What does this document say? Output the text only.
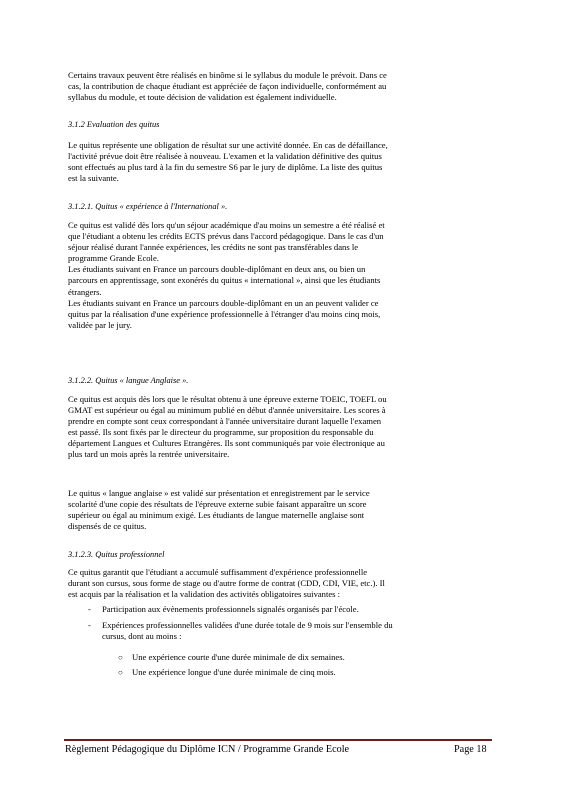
Certains travaux peuvent être réalisés en binôme si le syllabus du module le prévoit. Dans ce
cas, la contribution de chaque étudiant est appréciée de façon individuelle, conformément au
syllabus du module, et toute décision de validation est également individuelle.

3.1.2 Evaluation des quitus

Le quitus représente une obligation de résultat sur une activité donnée. En cas de défaillance,
l'activité prévue doit être réalisée à nouveau. L'examen et la validation définitive des quitus
sont effectués au plus tard à la fin du semestre S6 par le jury de diplôme. La liste des quitus
est la suivante.

3.1.2.1. Quitus « expérience à l'International ».

Ce quitus est validé dès lors qu'un séjour académique d'au moins un semestre a été réalisé et
que l'étudiant a obtenu les crédits ECTS prévus dans l'accord pédagogique. Dans le cas d'un
séjour réalisé durant l'année expériences, les crédits ne sont pas transférables dans le
programme Grande Ecole.
Les étudiants suivant en France un parcours double-diplômant en deux ans, ou bien un
parcours en apprentissage, sont exonérés du quitus « international », ainsi que les étudiants
étrangers.
Les étudiants suivant en France un parcours double-diplômant en un an peuvent valider ce
quitus par la réalisation d'une expérience professionnelle à l'étranger d'au moins cinq mois,
validée par le jury.

3.1.2.2. Quitus « langue Anglaise ».

Ce quitus est acquis dès lors que le résultat obtenu à une épreuve externe TOEIC, TOEFL ou
GMAT est supérieur ou égal au minimum publié en début d'année universitaire. Les scores à
prendre en compte sont ceux correspondant à l'année universitaire durant laquelle l'examen
est passé. Ils sont fixés par le directeur du programme, sur proposition du responsable du
département Langues et Cultures Etrangères. Ils sont communiqués par voie électronique au
plus tard un mois après la rentrée universitaire.

Le quitus « langue anglaise » est validé sur présentation et enregistrement par le service
scolarité d'une copie des résultats de l'épreuve externe subie faisant apparaître un score
supérieur ou égal au minimum exigé. Les étudiants de langue maternelle anglaise sont
dispensés de ce quitus.

3.1.2.3. Quitus professionnel

Ce quitus garantit que l'étudiant a accumulé suffisamment d'expérience professionnelle
durant son cursus, sous forme de stage ou d'autre forme de contrat (CDD, CDI, VIE, etc.). Il
est acquis par la réalisation et la validation des activités obligatoires suivantes :

- Participation aux évènements professionnels signalés organisés par l'école.
- Expériences professionnelles validées d'une durée totale de 9 mois sur l'ensemble du
cursus, dont au moins :
○ Une expérience courte d'une durée minimale de dix semaines.
○ Une expérience longue d'une durée minimale de cinq mois.
Règlement Pédagogique du Diplôme ICN / Programme Grande Ecole	Page 18
